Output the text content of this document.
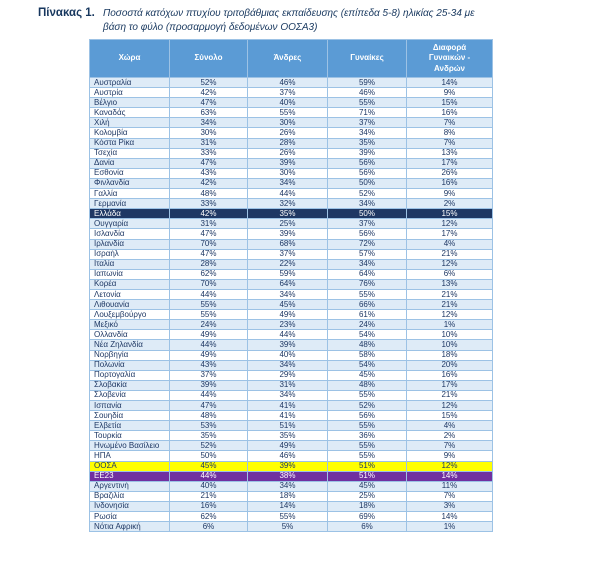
Πίνακας 1. Ποσοστά κατόχων πτυχίου τριτοβάθμιας εκπαίδευσης (επίπεδα 5-8) ηλικίας 25-34 με
βάση το φύλο (προσαρμογή δεδομένων ΟΟΣΑ3)
Χώρα	Σύνολο	Άνδρες	Γυναίκες	Διαφορά Γυναικών - Ανδρών
Αυστραλία	52%	46%	59%	14%
Αυστρία	42%	37%	46%	9%
Βέλγιο	47%	40%	55%	15%
Καναδάς	63%	55%	71%	16%
Χιλή	34%	30%	37%	7%
Κολομβία	30%	26%	34%	8%
Κόστα Ρίκα	31%	28%	35%	7%
Τσεχία	33%	26%	39%	13%
Δανία	47%	39%	56%	17%
Εσθονία	43%	30%	56%	26%
Φινλανδία	42%	34%	50%	16%
Γαλλία	48%	44%	52%	9%
Γερμανία	33%	32%	34%	2%
Ελλάδα	42%	35%	50%	15%
Ουγγαρία	31%	25%	37%	12%
Ισλανδία	47%	39%	56%	17%
Ιρλανδία	70%	68%	72%	4%
Ισραήλ	47%	37%	57%	21%
Ιταλία	28%	22%	34%	12%
Ιαπωνία	62%	59%	64%	6%
Κορέα	70%	64%	76%	13%
Λετονία	44%	34%	55%	21%
Λιθουανία	55%	45%	66%	21%
Λουξεμβούργο	55%	49%	61%	12%
Μεξικό	24%	23%	24%	1%
Ολλανδία	49%	44%	54%	10%
Νέα Ζηλανδία	44%	39%	48%	10%
Νορβηγία	49%	40%	58%	18%
Πολωνία	43%	34%	54%	20%
Πορτογαλία	37%	29%	45%	16%
Σλοβακία	39%	31%	48%	17%
Σλοβενία	44%	34%	55%	21%
Ισπανία	47%	41%	52%	12%
Σουηδία	48%	41%	56%	15%
Ελβετία	53%	51%	55%	4%
Τουρκία	35%	35%	36%	2%
Ηνωμένο Βασίλειο	52%	49%	55%	7%
ΗΠΑ	50%	46%	55%	9%
ΟΟΣΑ	45%	39%	51%	12%
ΕΕ23	44%	38%	51%	14%
Αργεντινή	40%	34%	45%	11%
Βραζιλία	21%	18%	25%	7%
Ινδονησία	16%	14%	18%	3%
Ρωσία	62%	55%	69%	14%
Νότια Αφρική	6%	5%	6%	1%
